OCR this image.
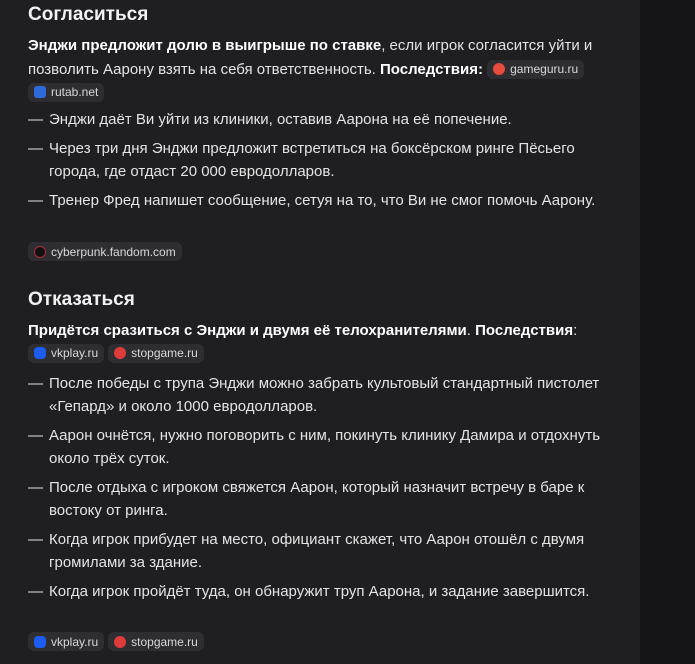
Согласиться
Энджи предложит долю в выигрыше по ставке, если игрок согласится уйти и позволить Аарону взять на себя ответственность. Последствия: gameguru.ru

rutab.net
— Энджи даёт Ви уйти из клиники, оставив Аарона на её попечение.
— Через три дня Энджи предложит встретиться на боксёрском ринге Пёсьего города, где отдаст 20 000 евродолларов.
— Тренер Фред напишет сообщение, сетуя на то, что Ви не смог помочь Аарону.
cyberpunk.fandom.com
Отказаться
Придётся сразиться с Энджи и двумя её телохранителями. Последствия:

vkplay.ru	stopgame.ru
— После победы с трупа Энджи можно забрать культовый стандартный пистолет «Гепард» и около 1000 евродолларов.
— Аарон очнётся, нужно поговорить с ним, покинуть клинику Дамира и отдохнуть около трёх суток.
— После отдыха с игроком свяжется Аарон, который назначит встречу в баре к востоку от ринга.
— Когда игрок прибудет на место, официант скажет, что Аарон отошёл с двумя громилами за здание.
— Когда игрок пройдёт туда, он обнаружит труп Аарона, и задание завершится.
vkplay.ru	stopgame.ru
